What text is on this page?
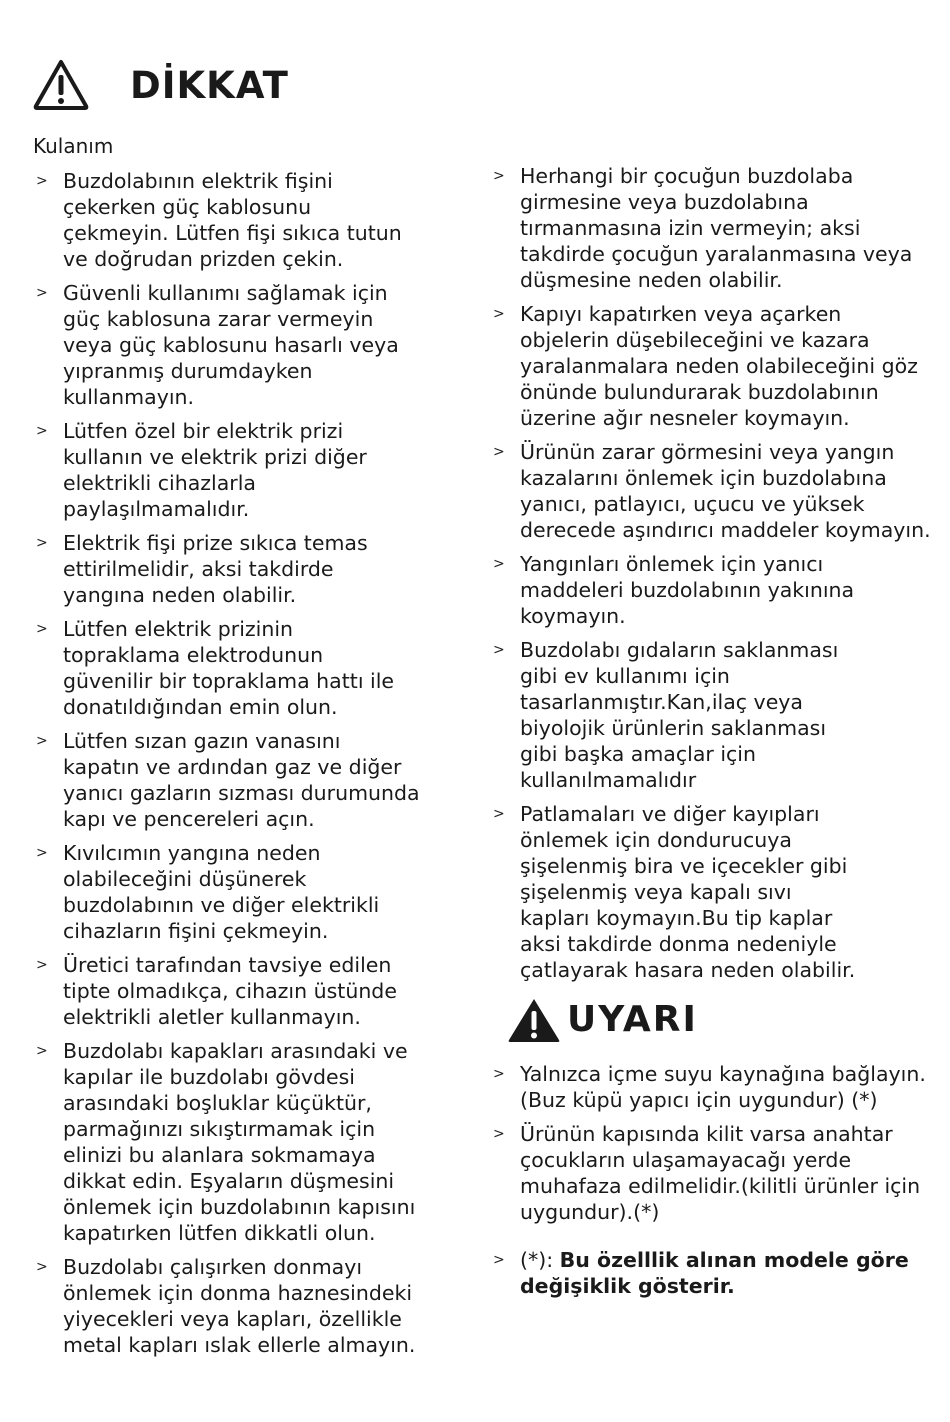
DİKKAT
Kulanım
> Buzdolabının elektrik fişini
çekerken güç kablosunu
çekmeyin. Lütfen fişi sıkıca tutun
ve doğrudan prizden çekin.
> Güvenli kullanımı sağlamak için
güç kablosuna zarar vermeyin
veya güç kablosunu hasarlı veya
yıpranmış durumdayken
kullanmayın.
> Lütfen özel bir elektrik prizi
kullanın ve elektrik prizi diğer
elektrikli cihazlarla
paylaşılmamalıdır.
> Elektrik fişi prize sıkıca temas
ettirilmelidir, aksi takdirde
yangına neden olabilir.
> Lütfen elektrik prizinin
topraklama elektrodunun
güvenilir bir topraklama hattı ile
donatıldığından emin olun.
> Lütfen sızan gazın vanasını
kapatın ve ardından gaz ve diğer
yanıcı gazların sızması durumunda
kapı ve pencereleri açın.
> Kıvılcımın yangına neden
olabileceğini düşünerek
buzdolabının ve diğer elektrikli
cihazların fişini çekmeyin.
> Üretici tarafından tavsiye edilen
tipte olmadıkça, cihazın üstünde
elektrikli aletler kullanmayın.
> Buzdolabı kapakları arasındaki ve
kapılar ile buzdolabı gövdesi
arasındaki boşluklar küçüktür,
parmağınızı sıkıştırmamak için
elinizi bu alanlara sokmamaya
dikkat edin. Eşyaların düşmesini
önlemek için buzdolabının kapısını
kapatırken lütfen dikkatli olun.
> Buzdolabı çalışırken donmayı
önlemek için donma haznesindeki
yiyecekleri veya kapları, özellikle
metal kapları ıslak ellerle almayın.
> Herhangi bir çocuğun buzdolaba
girmesine veya buzdolabına
tırmanmasına izin vermeyin; aksi
takdirde çocuğun yaralanmasına veya
düşmesine neden olabilir.
> Kapıyı kapatırken veya açarken
objelerin düşebileceğini ve kazara
yaralanmalara neden olabileceğini göz
önünde bulundurarak buzdolabının
üzerine ağır nesneler koymayın.
> Ürünün zarar görmesini veya yangın
kazalarını önlemek için buzdolabına
yanıcı, patlayıcı, uçucu ve yüksek
derecede aşındırıcı maddeler koymayın.
> Yangınları önlemek için yanıcı
maddeleri buzdolabının yakınına
koymayın.
> Buzdolabı gıdaların saklanması
gibi ev kullanımı için
tasarlanmıştır.Kan,ilaç veya
biyolojik ürünlerin saklanması
gibi başka amaçlar için
kullanılmamalıdır
> Patlamaları ve diğer kayıpları
önlemek için dondurucuya
şişelenmiş bira ve içecekler gibi
şişelenmiş veya kapalı sıvı
kapları koymayın.Bu tip kaplar
aksi takdirde donma nedeniyle
çatlayarak hasara neden olabilir.
UYARI
> Yalnızca içme suyu kaynağına bağlayın.
(Buz küpü yapıcı için uygundur) (*)
> Ürünün kapısında kilit varsa anahtar
çocukların ulaşamayacağı yerde
muhafaza edilmelidir.(kilitli ürünler için
uygundur).(*)
> (*): Bu özelllik alınan modele göre
değişiklik gösterir.
